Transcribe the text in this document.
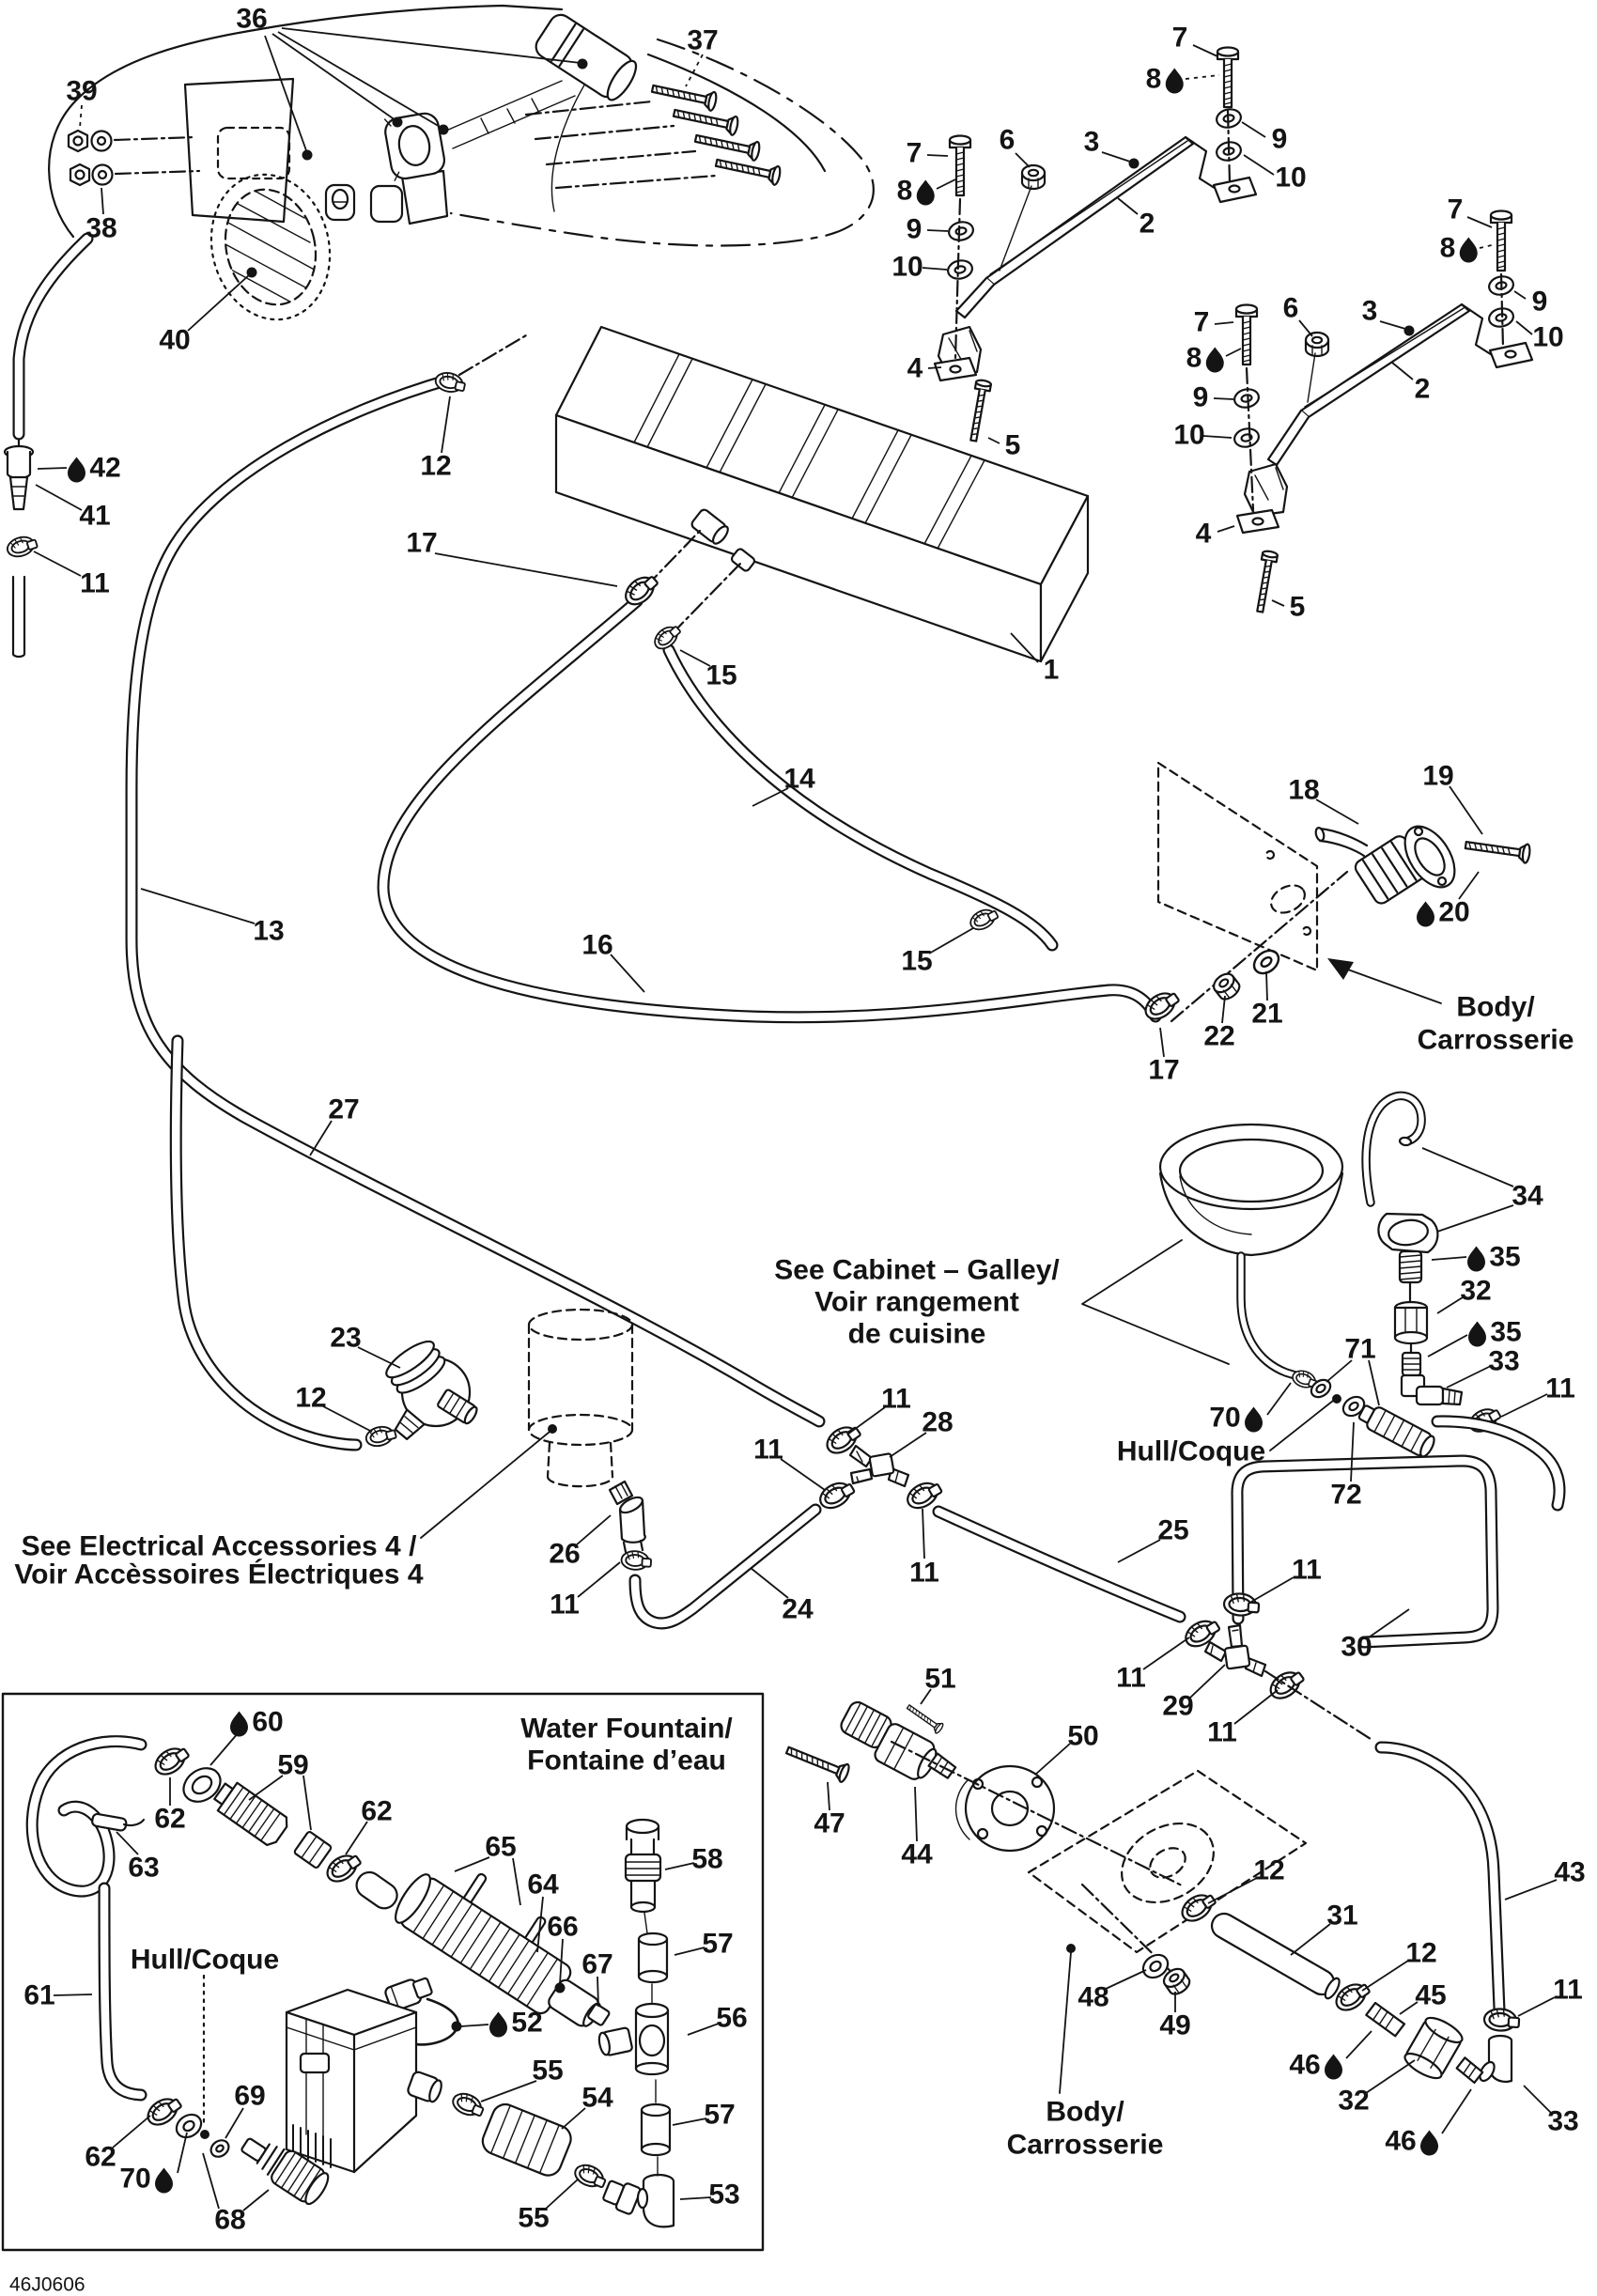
36
37
39
38
40
7
8
9
10
6 3
2
7
8
9
10
4
5
7
8
9
10
6 3
2
7
8
9
10
4
5
42
41
11
12
1
17
15
14
16
15
13
17
22
21
18	19
20
27
34
35
32
35
33
11
70
71
72
23
12
26
11	24
11
28
11
11
25
11
29
11
30
11
60
59
62	62
63
61
65
64
66
67
58
57
56
57
53
54
55
55
52
62
70
69
68
51
47
44
50
48
49
12
31
12
45
46
32
46
33
11
43
See Cabinet – Galley/
Voir rangement
de cuisine
See Electrical Accessories 4 /
Voir Accèssoires Électriques 4
Hull/Coque
Hull/Coque
Body/
Carrosserie
Body/
Carrosserie
Water Fountain/
Fontaine d’eau
46J0606
